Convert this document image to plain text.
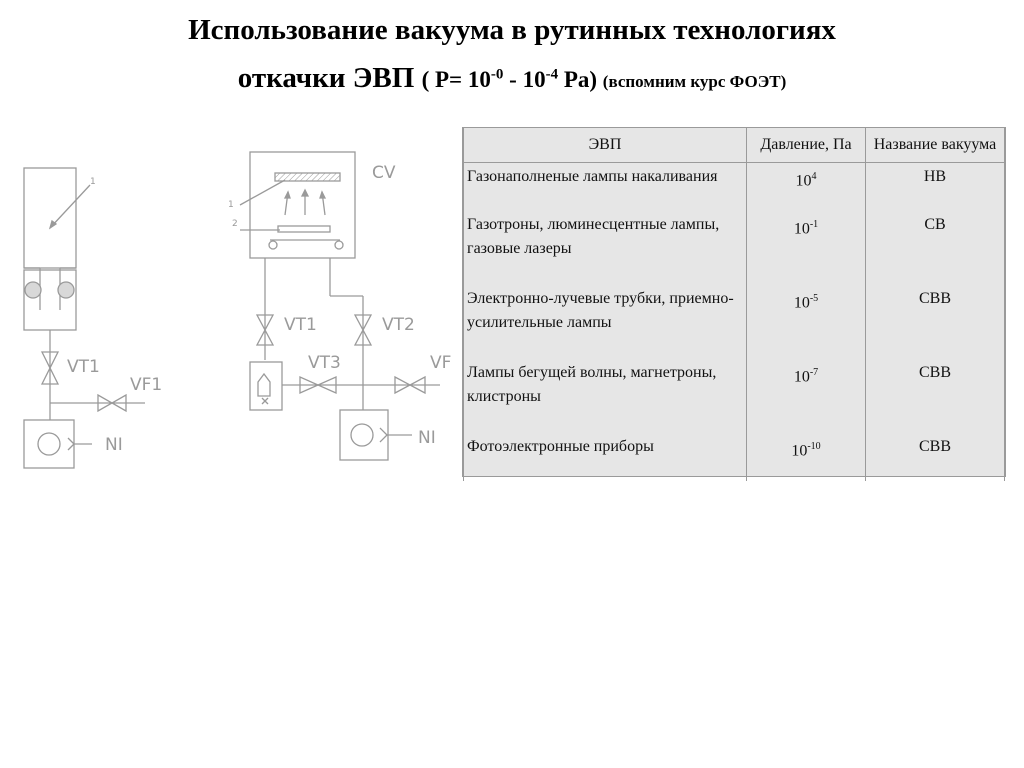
Использование вакуума в рутинных технологиях
откачки ЭВП ( $P= 10^{-0} - 10^{-4}$ Pa) (вспомним курс ФОЭТ)
1
VT1
VF1
NI
CV
1
2
VT1	VT2
VT3	VF
NI
ЭВП	Давление, Па	Название вакуума
Газонаполненые лампы накаливания	$10^4$	НВ
Газотроны, люминесцентные лампы, газовые лазеры	$10^{-1}$	СВ
Электронно-лучевые трубки, приемно-усилительные лампы	$10^{-5}$	СВВ
Лампы бегущей волны, магнетроны, клистроны	$10^{-7}$	СВВ
Фотоэлектронные приборы	$10^{-10}$	СВВ
